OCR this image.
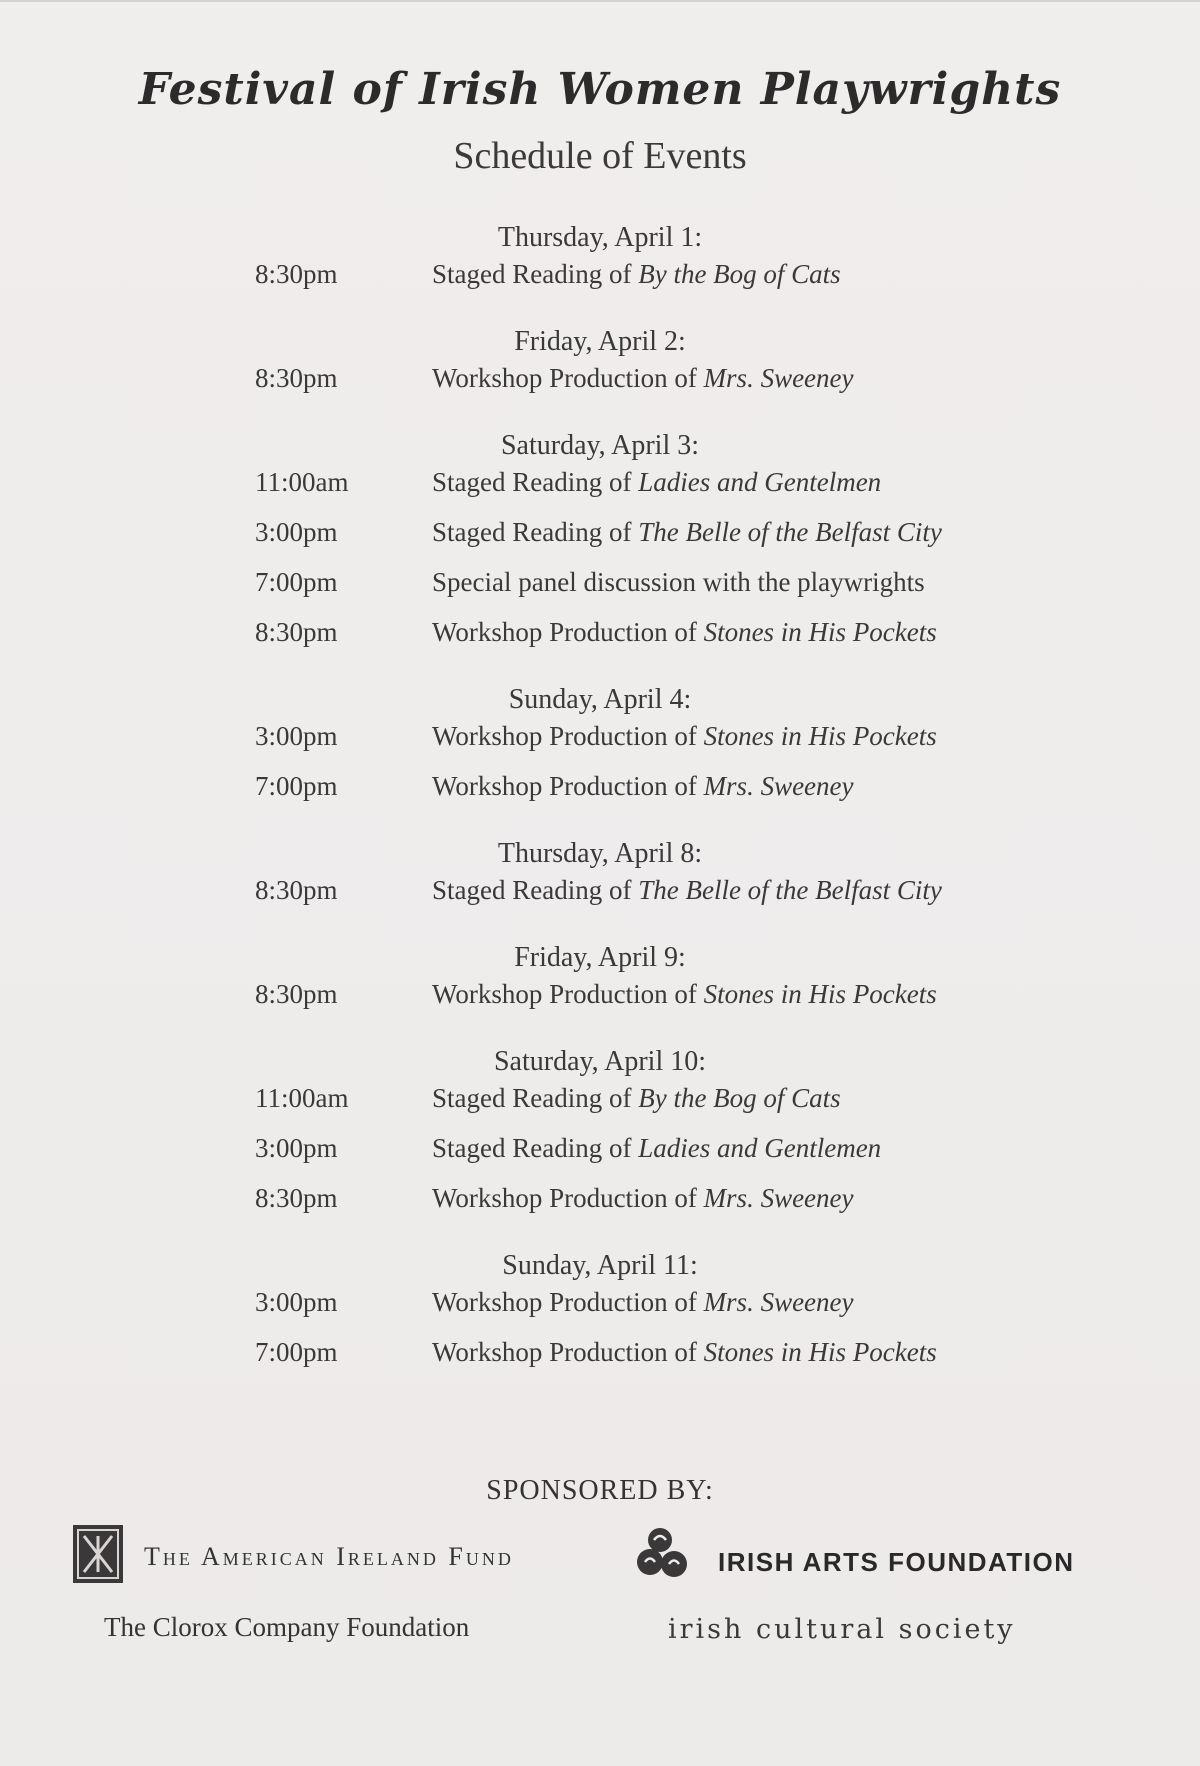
Festival of Irish Women Playwrights
Schedule of Events
Thursday, April 1:
8:30pm	Staged Reading of By the Bog of Cats
Friday, April 2:
8:30pm	Workshop Production of Mrs. Sweeney
Saturday, April 3:
11:00am	Staged Reading of Ladies and Gentelmen
3:00pm	Staged Reading of The Belle of the Belfast City
7:00pm	Special panel discussion with the playwrights
8:30pm	Workshop Production of Stones in His Pockets
Sunday, April 4:
3:00pm	Workshop Production of Stones in His Pockets
7:00pm	Workshop Production of Mrs. Sweeney
Thursday, April 8:
8:30pm	Staged Reading of The Belle of the Belfast City
Friday, April 9:
8:30pm	Workshop Production of Stones in His Pockets
Saturday, April 10:
11:00am	Staged Reading of By the Bog of Cats
3:00pm	Staged Reading of Ladies and Gentlemen
8:30pm	Workshop Production of Mrs. Sweeney
Sunday, April 11:
3:00pm	Workshop Production of Mrs. Sweeney
7:00pm	Workshop Production of Stones in His Pockets
SPONSORED BY:
The American Ireland Fund	IRISH ARTS FOUNDATION
The Clorox Company Foundation	irish cultural society
